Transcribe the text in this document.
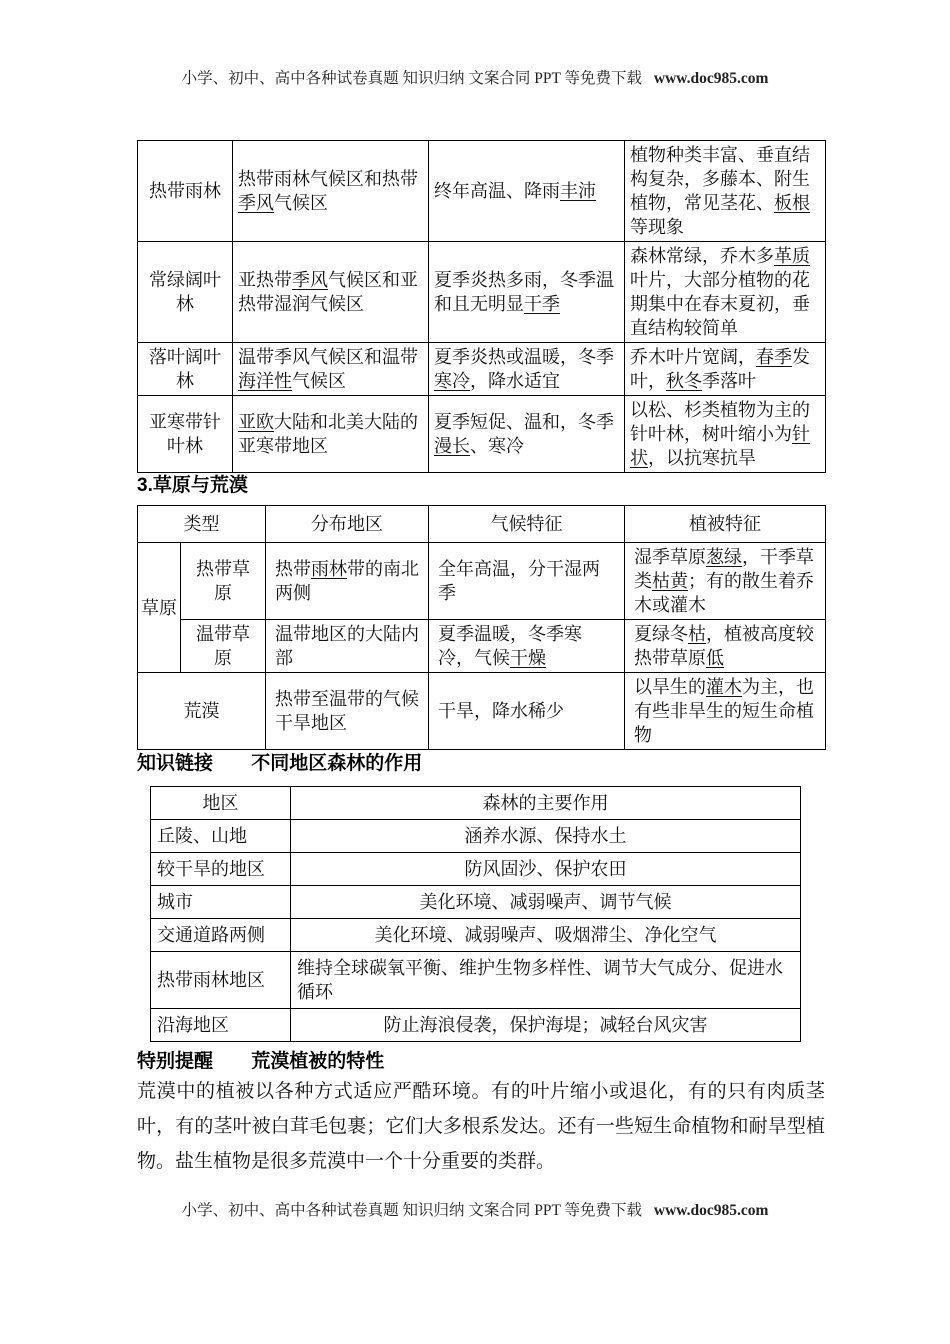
小学、初中、高中各种试卷真题 知识归纳 文案合同 PPT 等免费下载 www.doc985.com
热带雨林	热带雨林气候区和热带季风气候区	终年高温、降雨丰沛	植物种类丰富、垂直结构复杂，多藤本、附生植物，常见茎花、板根等现象
常绿阔叶林	亚热带季风气候区和亚热带湿润气候区	夏季炎热多雨，冬季温和且无明显干季	森林常绿，乔木多革质叶片，大部分植物的花期集中在春末夏初，垂直结构较简单
落叶阔叶林	温带季风气候区和温带海洋性气候区	夏季炎热或温暖，冬季寒冷，降水适宜	乔木叶片宽阔，春季发叶，秋冬季落叶
亚寒带针叶林	亚欧大陆和北美大陆的亚寒带地区	夏季短促、温和，冬季漫长、寒冷	以松、杉类植物为主的针叶林，树叶缩小为针状，以抗寒抗旱
3.草原与荒漠
类型		分布地区	气候特征	植被特征
草原	热带草原	热带雨林带的南北两侧	全年高温，分干湿两季	湿季草原葱绿，干季草类枯黄；有的散生着乔木或灌木
	温带草原	温带地区的大陆内部	夏季温暖，冬季寒冷，气候干燥	夏绿冬枯，植被高度较热带草原低
荒漠		热带至温带的气候干旱地区	干旱，降水稀少	以旱生的灌木为主，也有些非旱生的短生命植物
知识链接 不同地区森林的作用
地区	森林的主要作用
丘陵、山地	涵养水源、保持水土
较干旱的地区	防风固沙、保护农田
城市	美化环境、减弱噪声、调节气候
交通道路两侧	美化环境、减弱噪声、吸烟滞尘、净化空气
热带雨林地区	维持全球碳氧平衡、维护生物多样性、调节大气成分、促进水循环
沿海地区	防止海浪侵袭，保护海堤；减轻台风灾害
特别提醒 荒漠植被的特性
荒漠中的植被以各种方式适应严酷环境。有的叶片缩小或退化，有的只有肉质茎叶，有的茎叶被白茸毛包裹；它们大多根系发达。还有一些短生命植物和耐旱型植物。盐生植物是很多荒漠中一个十分重要的类群。
小学、初中、高中各种试卷真题 知识归纳 文案合同 PPT 等免费下载 www.doc985.com
